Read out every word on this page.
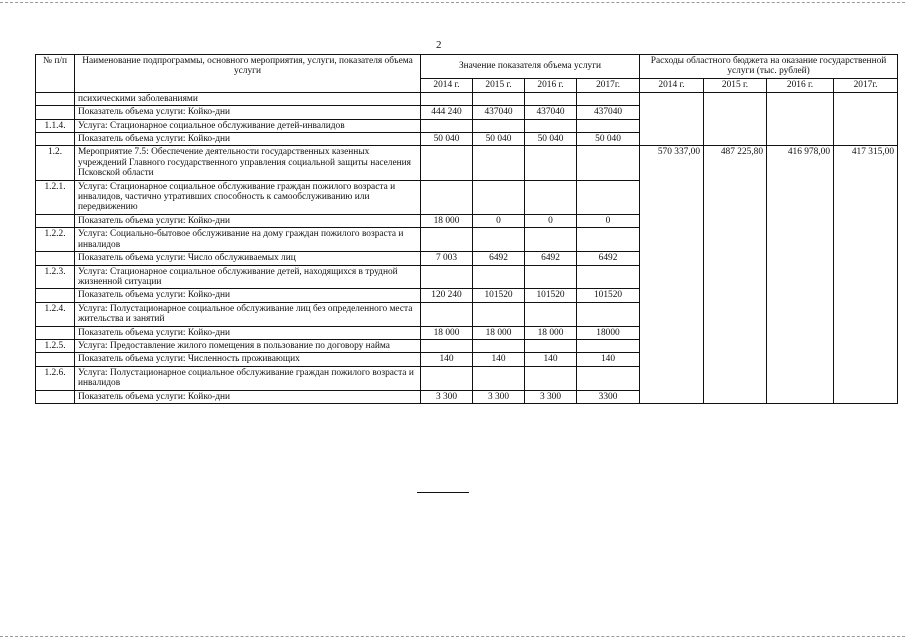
2
№ п/п	Наименование подпрограммы, основного мероприятия, услуги, показателя объема услуги	Значение показателя объема услуги				Расходы областного бюджета на оказание государственной услуги (тыс. рублей)			
		2014 г.	2015 г.	2016 г.	2017г.	2014 г.	2015 г.	2016 г.	2017г.
	психическими заболеваниями								
	Показатель объема услуги: Койко-дни	444 240	437040	437040	437040				
1.1.4.	Услуга: Стационарное социальное обслуживание детей-инвалидов								
	Показатель объема услуги: Койко-дни	50 040	50 040	50 040	50 040				
1.2.	Мероприятие 7.5: Обеспечение деятельности государственных казенных учреждений Главного государственного управления социальной защиты населения Псковской области					570 337,00	487 225,80	416 978,00	417 315,00
1.2.1.	Услуга: Стационарное социальное обслуживание граждан пожилого возраста и инвалидов, частично утративших способность к самообслуживанию или передвижению								
	Показатель объема услуги: Койко-дни	18 000	0	0	0				
1.2.2.	Услуга: Социально-бытовое обслуживание на дому граждан пожилого возраста и инвалидов								
	Показатель объема услуги: Число обслуживаемых лиц	7 003	6492	6492	6492				
1.2.3.	Услуга: Стационарное социальное обслуживание детей, находящихся в трудной жизненной ситуации								
	Показатель объема услуги: Койко-дни	120 240	101520	101520	101520				
1.2.4.	Услуга: Полустационарное социальное обслуживание лиц без определенного места жительства и занятий								
	Показатель объема услуги: Койко-дни	18 000	18 000	18 000	18000				
1.2.5.	Услуга: Предоставление жилого помещения в пользование по договору найма								
	Показатель объема услуги: Численность проживающих	140	140	140	140				
1.2.6.	Услуга: Полустационарное социальное обслуживание граждан пожилого возраста и инвалидов								
	Показатель объема услуги: Койко-дни	3 300	3 300	3 300	3300				
